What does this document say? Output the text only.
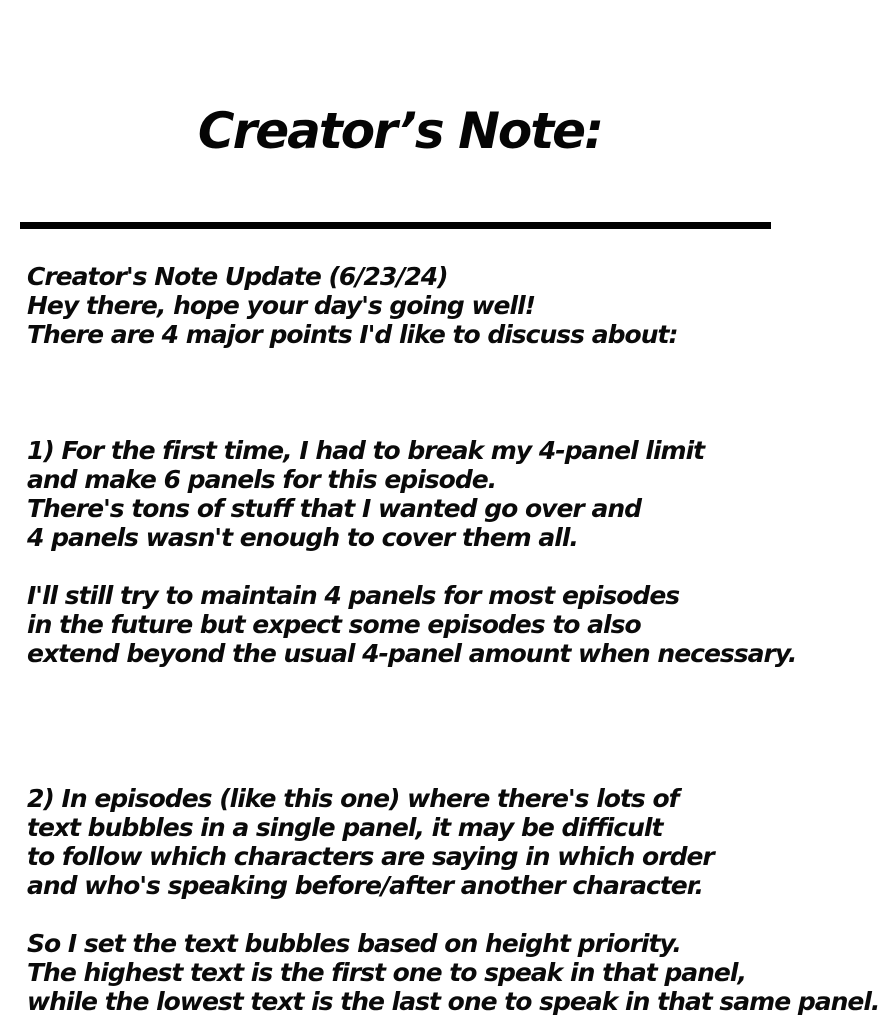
Creator’s Note:
Creator's Note Update (6/23/24)
Hey there, hope your day's going well!
There are 4 major points I'd like to discuss about:
1) For the first time, I had to break my 4-panel limit
and make 6 panels for this episode.
There's tons of stuff that I wanted go over and
4 panels wasn't enough to cover them all.
I'll still try to maintain 4 panels for most episodes
in the future but expect some episodes to also
extend beyond the usual 4-panel amount when necessary.
2) In episodes (like this one) where there's lots of
text bubbles in a single panel, it may be difficult
to follow which characters are saying in which order
and who's speaking before/after another character.
So I set the text bubbles based on height priority.
The highest text is the first one to speak in that panel,
while the lowest text is the last one to speak in that same panel.
